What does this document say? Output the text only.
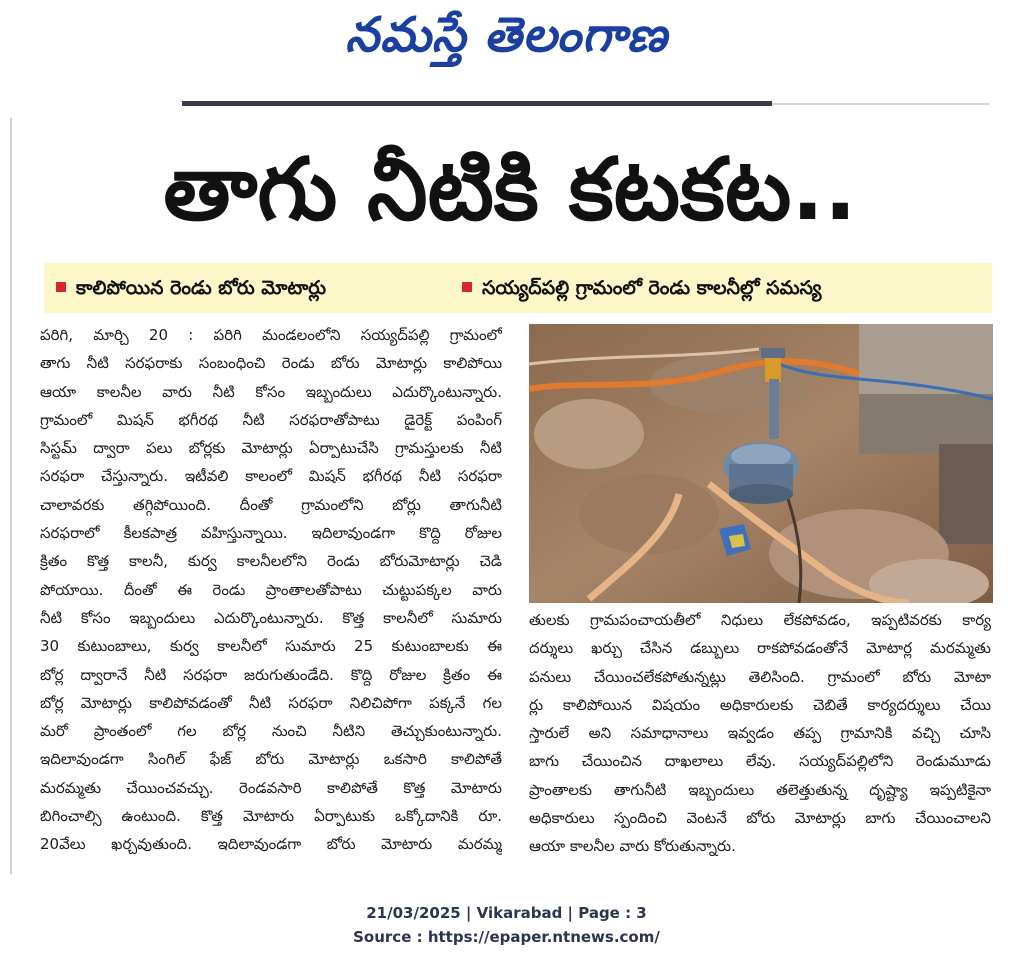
నమస్తే తెలంగాణ
తాగు నీటికి కటకట..
కాలిపోయిన రెండు బోరు మోటార్లు	సయ్యద్‌పల్లి గ్రామంలో రెండు కాలనీల్లో సమస్య
పరిగి, మార్చి 20 : పరిగి మండలంలోని సయ్యద్‌పల్లి గ్రామంలో
తాగు నీటి సరఫరాకు సంబంధించి రెండు బోరు మోటార్లు కాలిపోయి
ఆయా కాలనీల వారు నీటి కోసం ఇబ్బందులు ఎదుర్కొంటున్నారు.
గ్రామంలో మిషన్ భగీరథ నీటి సరఫరాతోపాటు డైరెక్ట్ పంపింగ్
సిస్టమ్ ద్వారా పలు బోర్లకు మోటార్లు ఏర్పాటుచేసి గ్రామస్తులకు నీటి
సరఫరా చేస్తున్నారు. ఇటీవలి కాలంలో మిషన్ భగీరథ నీటి సరఫరా
చాలావరకు తగ్గిపోయింది. దీంతో గ్రామంలోని బోర్లు తాగునీటి
సరఫరాలో కీలకపాత్ర వహిస్తున్నాయి. ఇదిలావుండగా కొద్ది రోజుల
క్రితం కొత్త కాలనీ, కుర్వ కాలనీలలోని రెండు బోరుమోటార్లు చెడి
పోయాయి. దీంతో ఈ రెండు ప్రాంతాలతోపాటు చుట్టుపక్కల వారు
నీటి కోసం ఇబ్బందులు ఎదుర్కొంటున్నారు. కొత్త కాలనీలో సుమారు
30 కుటుంబాలు, కుర్వ కాలనీలో సుమారు 25 కుటుంబాలకు ఈ
బోర్ల ద్వారానే నీటి సరఫరా జరుగుతుండేది. కొద్ది రోజుల క్రితం ఈ
బోర్ల మోటార్లు కాలిపోవడంతో నీటి సరఫరా నిలిచిపోగా పక్కనే గల
మరో ప్రాంతంలో గల బోర్ల నుంచి నీటిని తెచ్చుకుంటున్నారు.
ఇదిలావుండగా సింగిల్ ఫేజ్ బోరు మోటార్లు ఒకసారి కాలిపోతే
మరమ్మతు చేయించవచ్చు. రెండవసారి కాలిపోతే కొత్త మోటారు
బిగించాల్సి ఉంటుంది. కొత్త మోటారు ఏర్పాటుకు ఒక్కోదానికి రూ.
20వేలు ఖర్చవుతుంది. ఇదిలావుండగా బోరు మోటారు మరమ్మ
తులకు గ్రామపంచాయతీలో నిధులు లేకపోవడం, ఇప్పటివరకు కార్య
దర్శులు ఖర్చు చేసిన డబ్బులు రాకపోవడంతోనే మోటార్ల మరమ్మతు
పనులు చేయించలేకపోతున్నట్లు తెలిసింది. గ్రామంలో బోరు మోటా
ర్లు కాలిపోయిన విషయం అధికారులకు చెబితే కార్యదర్శులు చేయి
స్తారులే అని సమాధానాలు ఇవ్వడం తప్ప గ్రామానికి వచ్చి చూసి
బాగు చేయించిన దాఖలాలు లేవు. సయ్యద్‌పల్లిలోని రెండుమూడు
ప్రాంతాలకు తాగునీటి ఇబ్బందులు తలెత్తుతున్న దృష్ట్యా ఇప్పటికైనా
అధికారులు స్పందించి వెంటనే బోరు మోటార్లు బాగు చేయించాలని
ఆయా కాలనీల వారు కోరుతున్నారు.
21/03/2025 | Vikarabad | Page : 3
Source : https://epaper.ntnews.com/
